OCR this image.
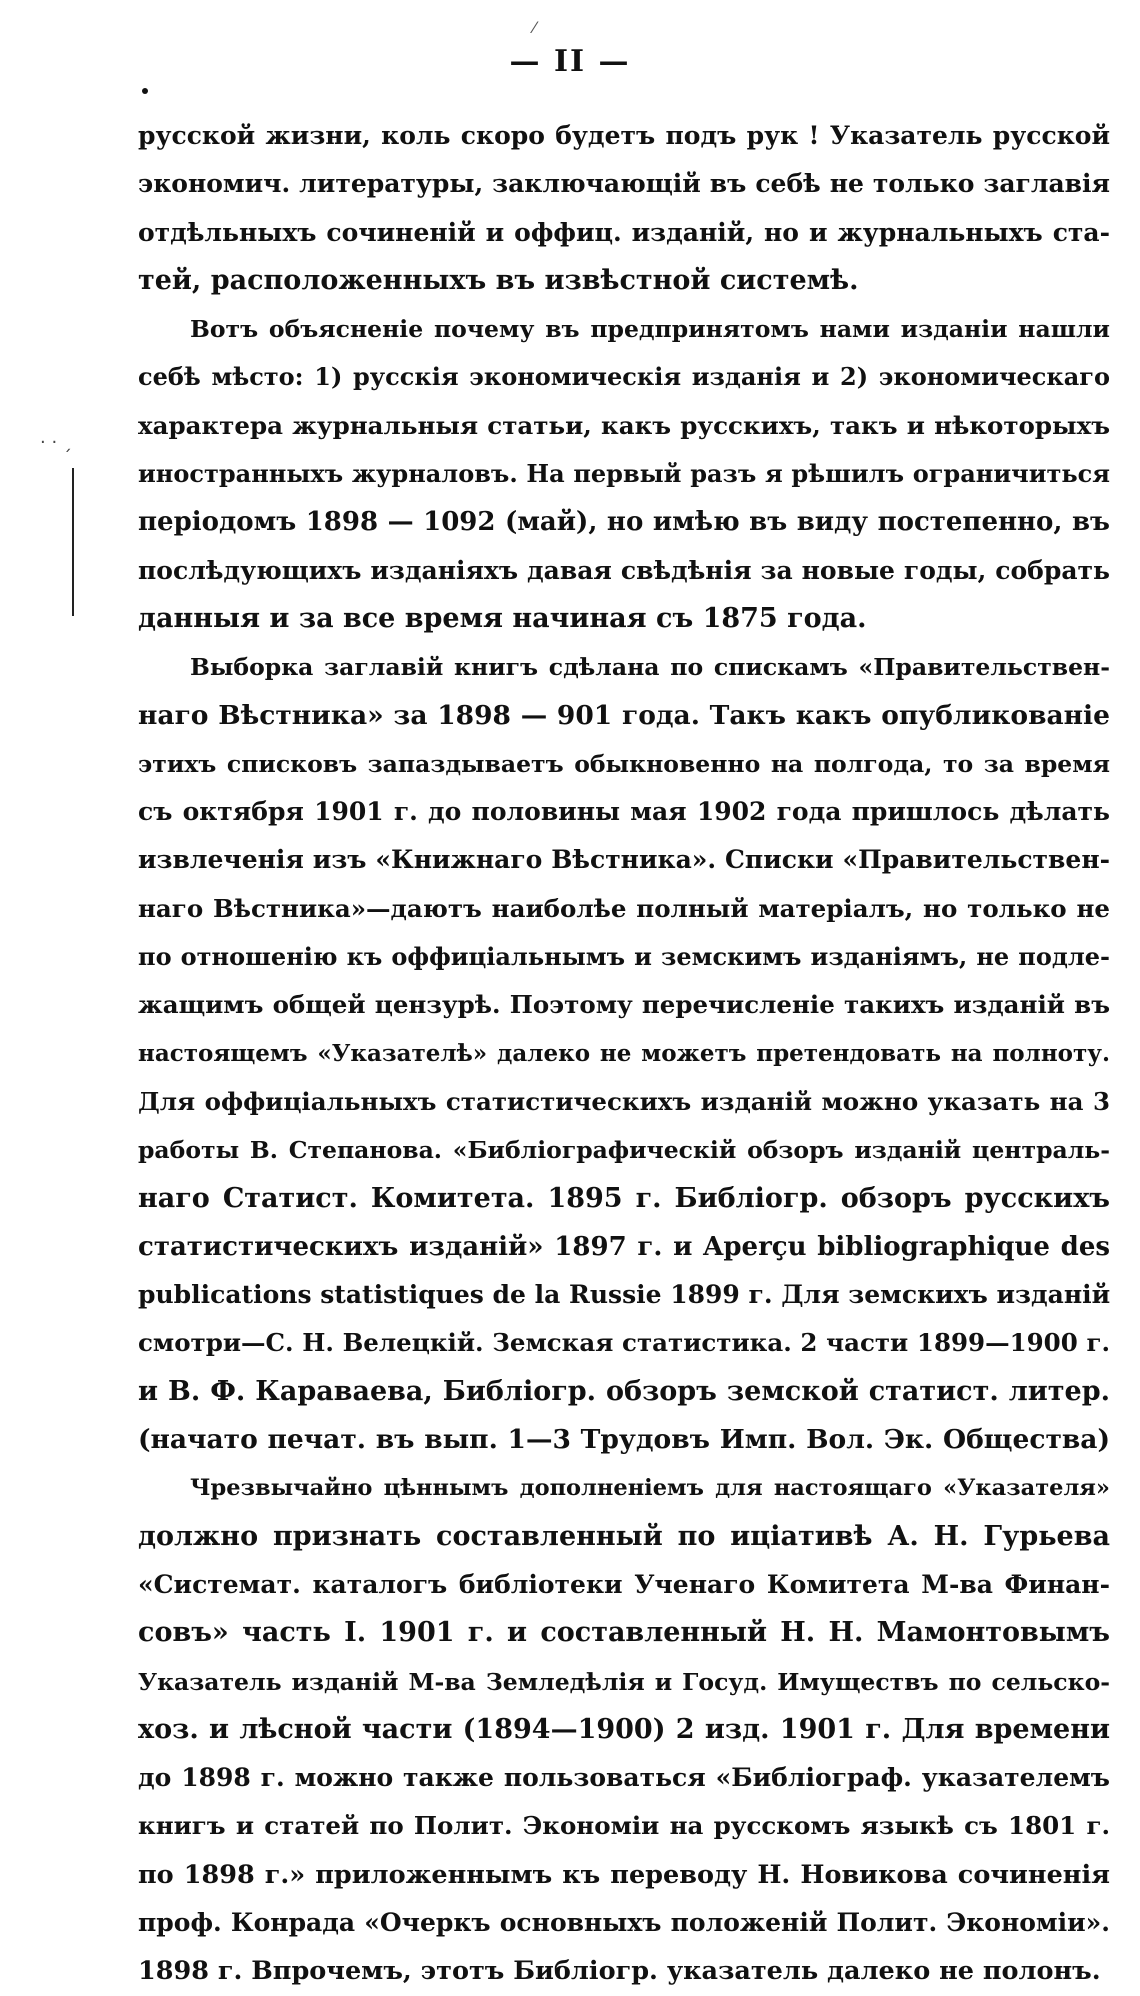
⁄
— II —
· · ˏ
русской жизни, коль скоро будетъ подъ рук ! Указатель русской
экономич. литературы, заключающій въ себѣ не только заглавія
отдѣльныхъ сочиненій и оффиц. изданій, но и журнальныхъ ста-
тей, расположенныхъ въ извѣстной системѣ.
Вотъ объясненіе почему въ предпринятомъ нами изданіи нашли
себѣ мѣсто: 1) русскія экономическія изданія и 2) экономическаго
характера журнальныя статьи, какъ русскихъ, такъ и нѣкоторыхъ
иностранныхъ журналовъ. На первый разъ я рѣшилъ ограничиться
періодомъ 1898 — 1092 (май), но имѣю въ виду постепенно, въ
послѣдующихъ изданіяхъ давая свѣдѣнія за новые годы, собрать
данныя и за все время начиная съ 1875 года.
Выборка заглавій книгъ сдѣлана по спискамъ «Правительствен-
наго Вѣстника» за 1898 — 901 года. Такъ какъ опубликованіе
этихъ списковъ запаздываетъ обыкновенно на полгода, то за время
съ октября 1901 г. до половины мая 1902 года пришлось дѣлать
извлеченія изъ «Книжнаго Вѣстника». Списки «Правительствен-
наго Вѣстника»—даютъ наиболѣе полный матеріалъ, но только не
по отношенію къ оффиціальнымъ и земскимъ изданіямъ, не подле-
жащимъ общей цензурѣ. Поэтому перечисленіе такихъ изданій въ
настоящемъ «Указателѣ» далеко не можетъ претендовать на полноту.
Для оффиціальныхъ статистическихъ изданій можно указать на 3
работы В. Степанова. «Библіографическій обзоръ изданій централь-
наго Статист. Комитета. 1895 г. Библіогр. обзоръ русскихъ
статистическихъ изданій» 1897 г. и Aperçu bibliographique des
publications statistiques de la Russie 1899 г. Для земскихъ изданій
смотри—С. Н. Велецкій. Земская статистика. 2 части 1899—1900 г.
и В. Ф. Караваева, Библіогр. обзоръ земской статист. литер.
(начато печат. въ вып. 1—3 Трудовъ Имп. Вол. Эк. Общества)
Чрезвычайно цѣннымъ дополненіемъ для настоящаго «Указателя»
должно признать составленный по иціативѣ А. Н. Гурьева
«Системат. каталогъ библіотеки Ученаго Комитета М-ва Финан-
совъ» часть I. 1901 г. и составленный Н. Н. Мамонтовымъ
Указатель изданій М-ва Земледѣлія и Госуд. Имуществъ по сельско-
хоз. и лѣсной части (1894—1900) 2 изд. 1901 г. Для времени
до 1898 г. можно также пользоваться «Библіограф. указателемъ
книгъ и статей по Полит. Экономіи на русскомъ языкѣ съ 1801 г.
по 1898 г.» приложеннымъ къ переводу Н. Новикова сочиненія
проф. Конрада «Очеркъ основныхъ положеній Полит. Экономіи».
1898 г. Впрочемъ, этотъ Библіогр. указатель далеко не полонъ.
